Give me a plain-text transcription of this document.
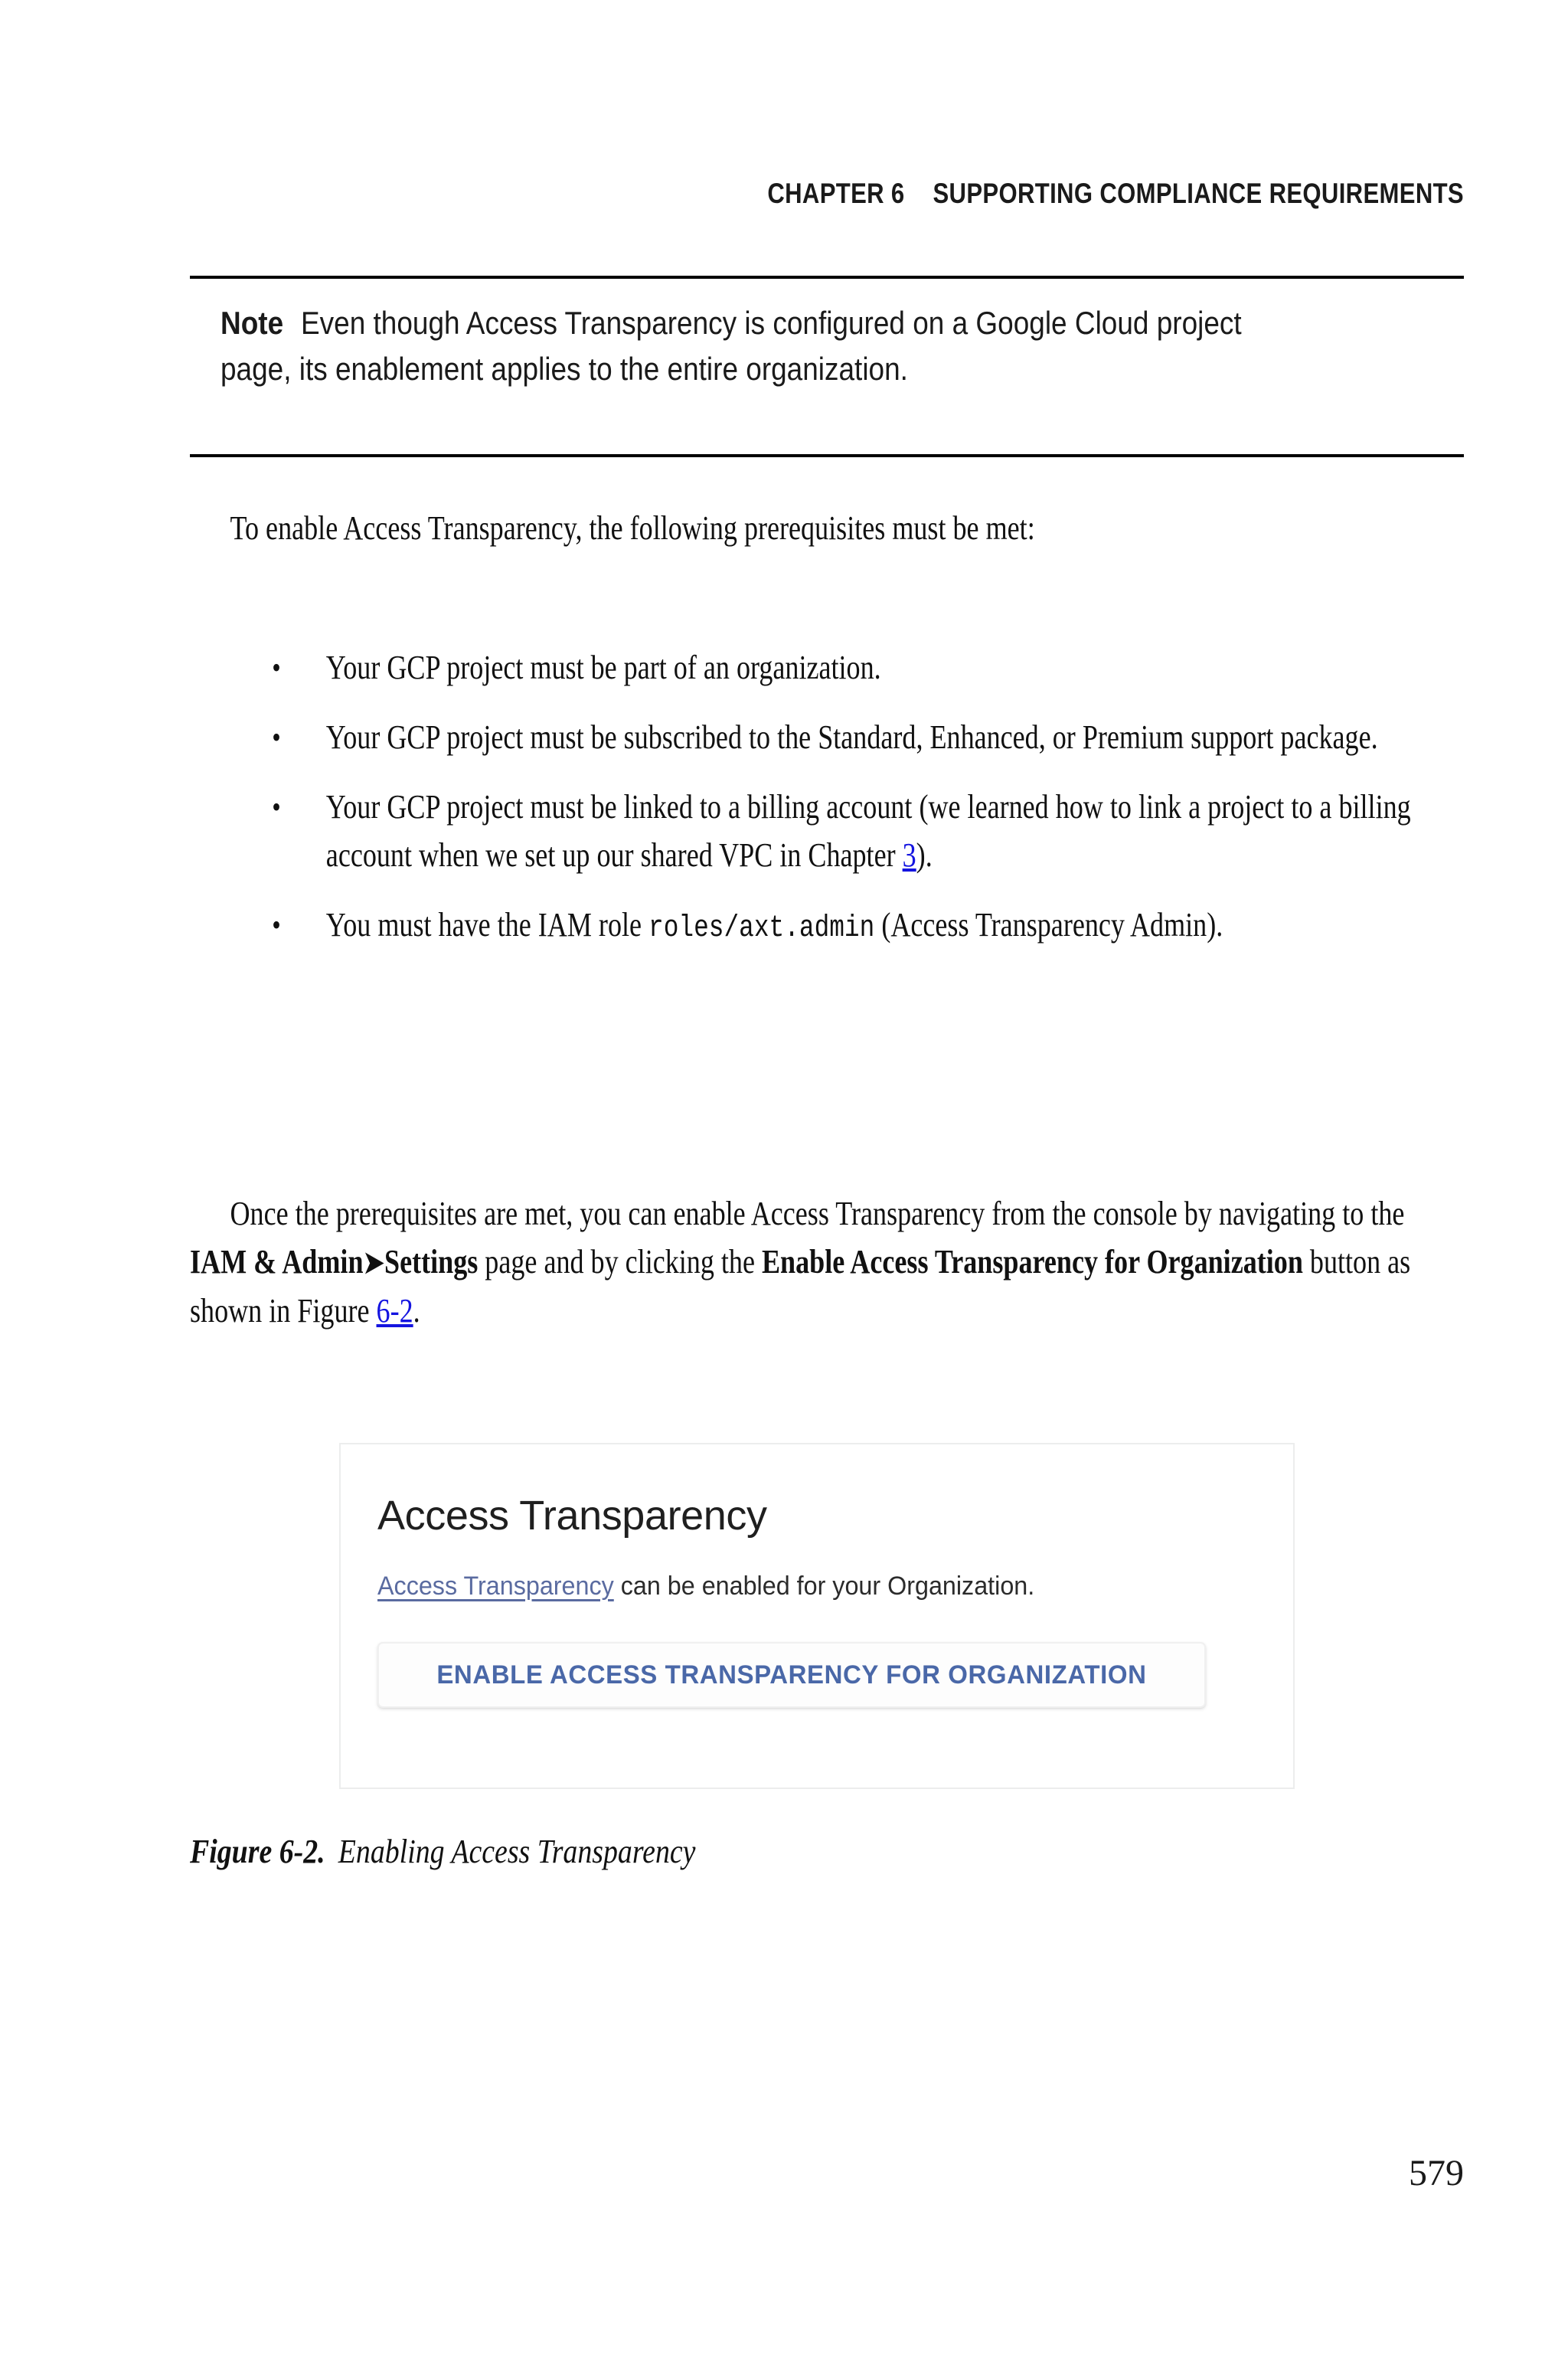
CHAPTER 6 SUPPORTING COMPLIANCE REQUIREMENTS
Note Even though Access Transparency is configured on a Google Cloud project page, its enablement applies to the entire organization.
To enable Access Transparency, the following prerequisites must be met:
• Your GCP project must be part of an organization.
• Your GCP project must be subscribed to the Standard, Enhanced, or Premium support package.
• Your GCP project must be linked to a billing account (we learned how to link a project to a billing account when we set up our shared VPC in Chapter 3).
• You must have the IAM role roles/axt.admin (Access Transparency Admin).
Once the prerequisites are met, you can enable Access Transparency from the console by navigating to the IAM & Admin➤Settings page and by clicking the Enable Access Transparency for Organization button as shown in Figure 6-2.
Access Transparency
Access Transparency can be enabled for your Organization.
ENABLE ACCESS TRANSPARENCY FOR ORGANIZATION
Figure 6-2. Enabling Access Transparency
579
